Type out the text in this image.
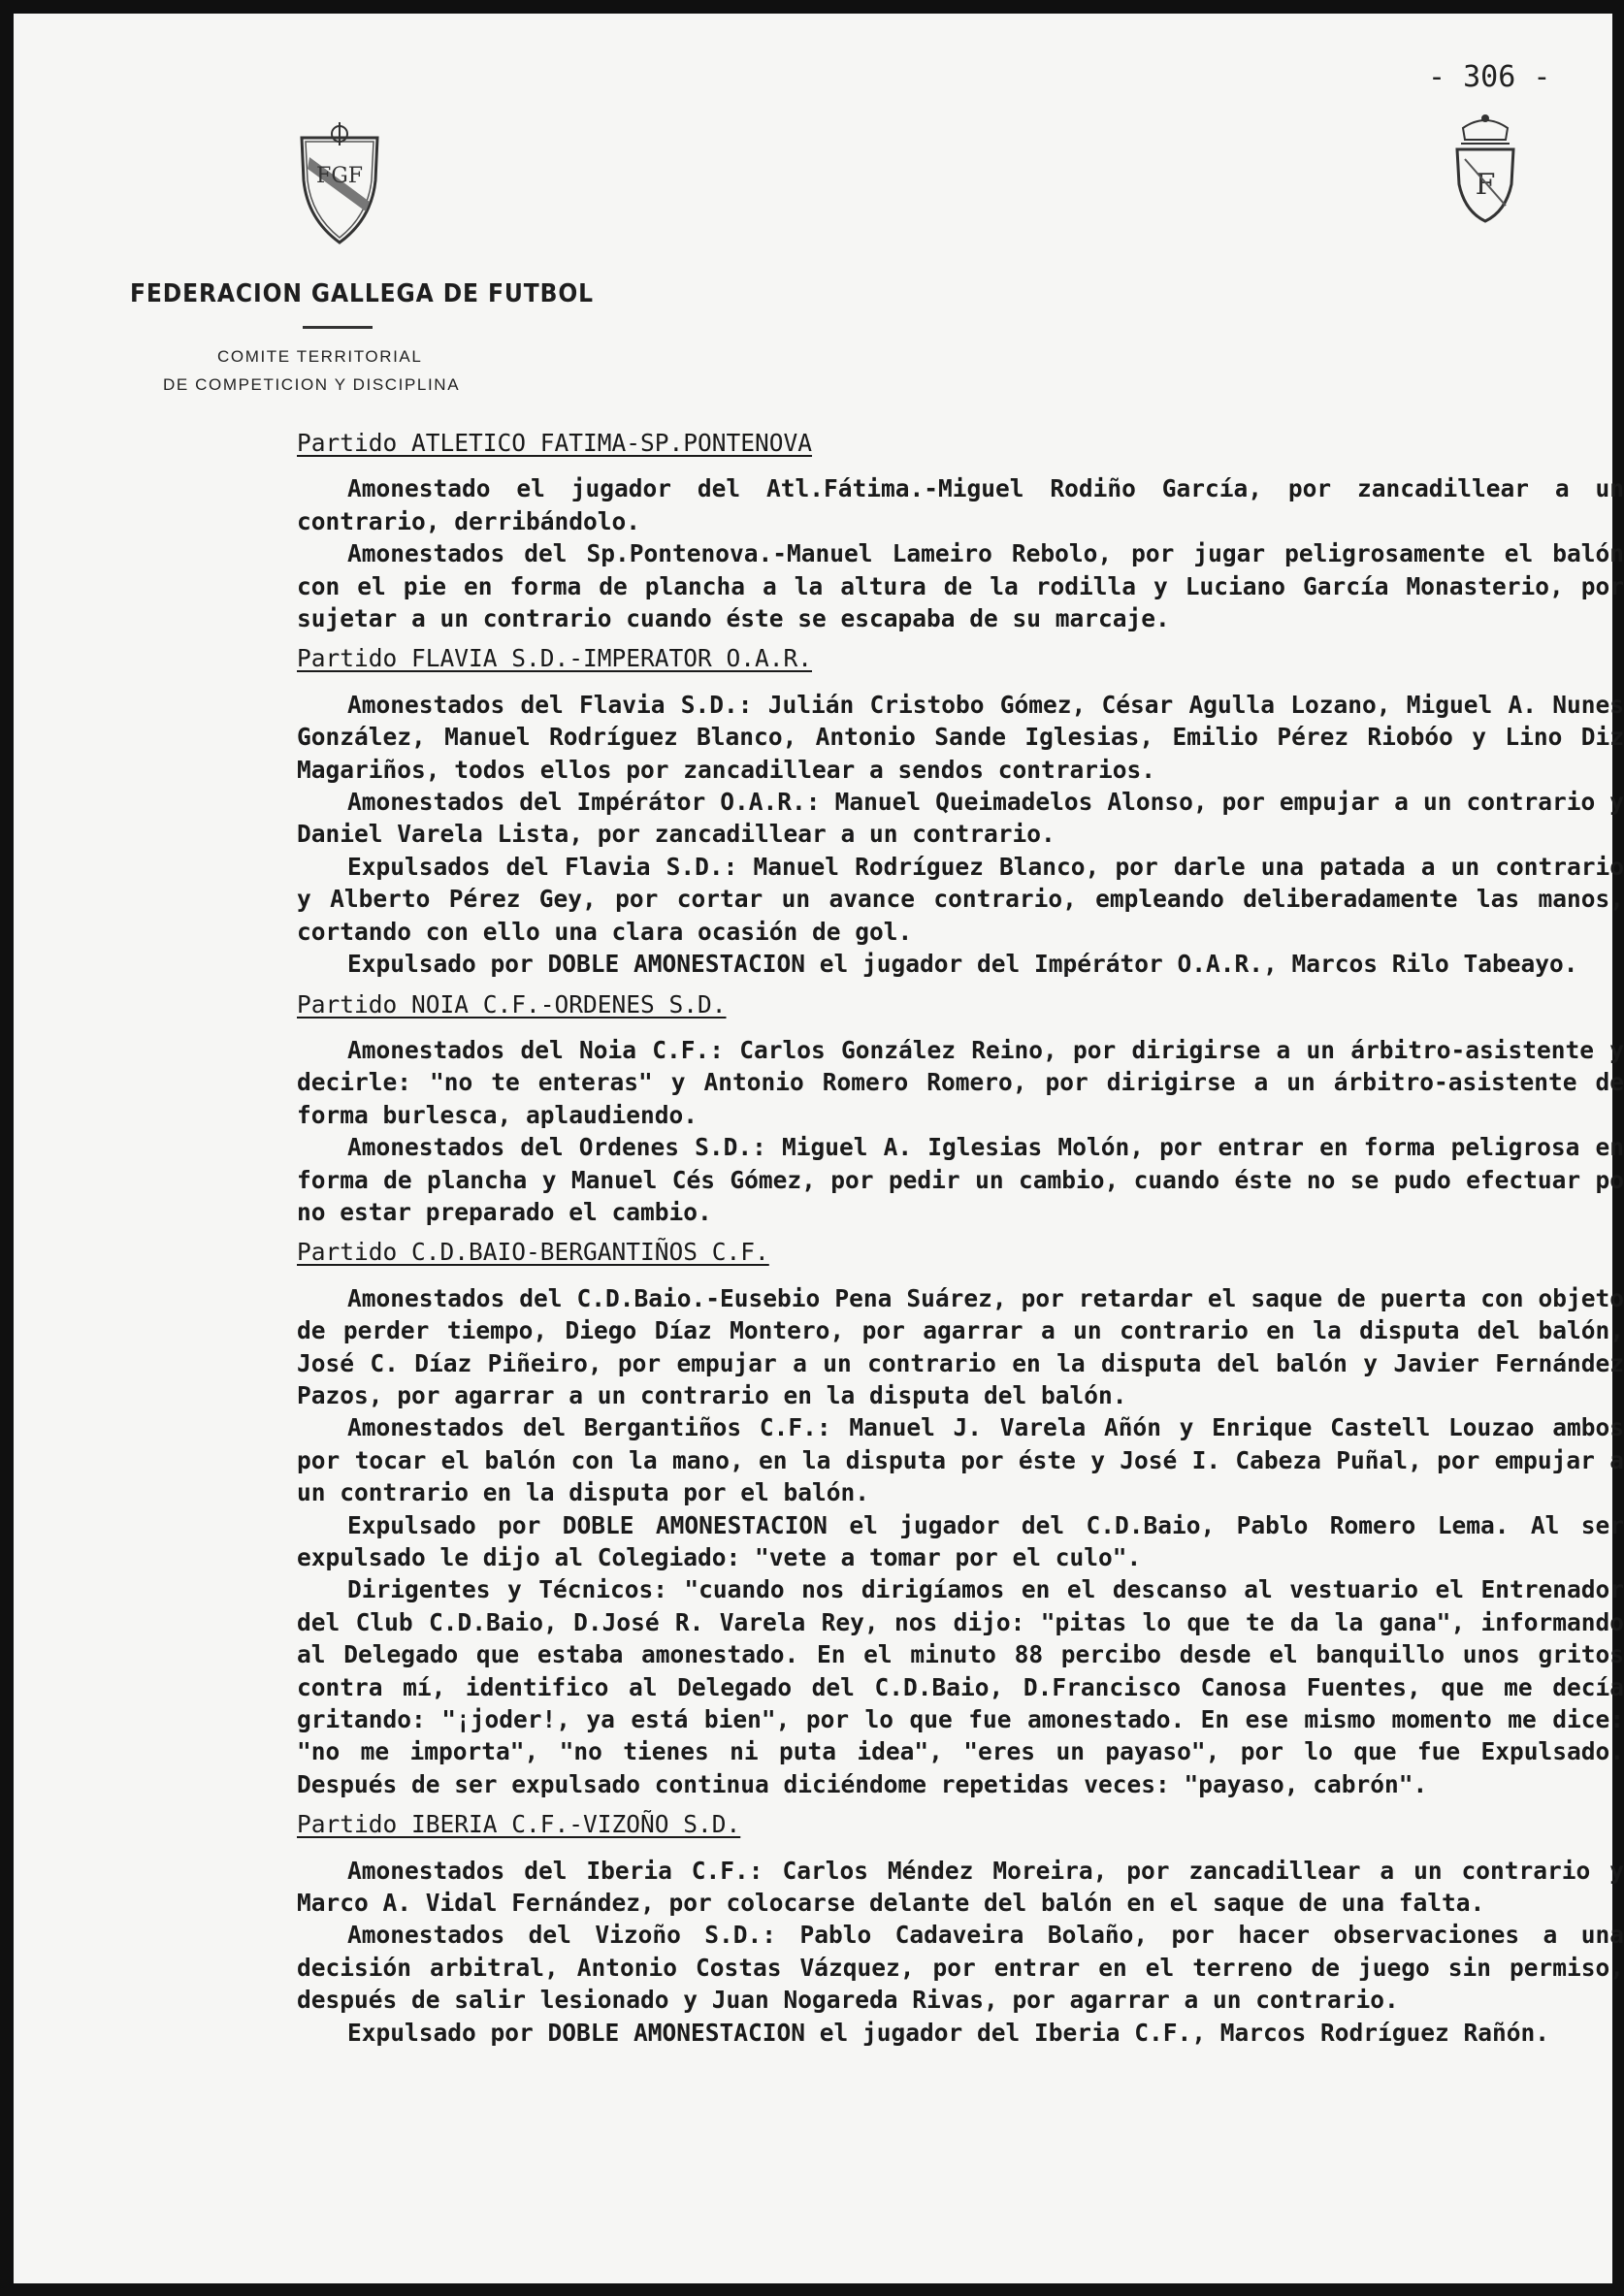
- 306 -
FGF	F
FEDERACION GALLEGA DE FUTBOL
COMITE TERRITORIAL
DE COMPETICION Y DISCIPLINA
Partido ATLETICO FATIMA-SP.PONTENOVA
Amonestado el jugador del Atl.Fátima.-Miguel Rodiño García, por zancadillear a un contrario, derribándolo.
Amonestados del Sp.Pontenova.-Manuel Lameiro Rebolo, por jugar peligrosamente el balón con el pie en forma de plancha a la altura de la rodilla y Luciano García Monasterio, por sujetar a un contrario cuando éste se escapaba de su marcaje.
Partido FLAVIA S.D.-IMPERATOR O.A.R.
Amonestados del Flavia S.D.: Julián Cristobo Gómez, César Agulla Lozano, Miguel A. Nunes González, Manuel Rodríguez Blanco, Antonio Sande Iglesias, Emilio Pérez Riobóo y Lino Diz Magariños, todos ellos por zancadillear a sendos contrarios.
Amonestados del Impérátor O.A.R.: Manuel Queimadelos Alonso, por empujar a un contrario y Daniel Varela Lista, por zancadillear a un contrario.
Expulsados del Flavia S.D.: Manuel Rodríguez Blanco, por darle una patada a un contrario y Alberto Pérez Gey, por cortar un avance contrario, empleando deliberadamente las manos, cortando con ello una clara ocasión de gol.
Expulsado por DOBLE AMONESTACION el jugador del Impérátor O.A.R., Marcos Rilo Tabeayo.
Partido NOIA C.F.-ORDENES S.D.
Amonestados del Noia C.F.: Carlos González Reino, por dirigirse a un árbitro-asistente y decirle: "no te enteras" y Antonio Romero Romero, por dirigirse a un árbitro-asistente de forma burlesca, aplaudiendo.
Amonestados del Ordenes S.D.: Miguel A. Iglesias Molón, por entrar en forma peligrosa en forma de plancha y Manuel Cés Gómez, por pedir un cambio, cuando éste no se pudo efectuar po no estar preparado el cambio.
Partido C.D.BAIO-BERGANTIÑOS C.F.
Amonestados del C.D.Baio.-Eusebio Pena Suárez, por retardar el saque de puerta con objeto de perder tiempo, Diego Díaz Montero, por agarrar a un contrario en la disputa del balón, José C. Díaz Piñeiro, por empujar a un contrario en la disputa del balón y Javier Fernández Pazos, por agarrar a un contrario en la disputa del balón.
Amonestados del Bergantiños C.F.: Manuel J. Varela Añón y Enrique Castell Louzao ambos por tocar el balón con la mano, en la disputa por éste y José I. Cabeza Puñal, por empujar a un contrario en la disputa por el balón.
Expulsado por DOBLE AMONESTACION el jugador del C.D.Baio, Pablo Romero Lema. Al ser expulsado le dijo al Colegiado: "vete a tomar por el culo".
Dirigentes y Técnicos: "cuando nos dirigíamos en el descanso al vestuario el Entrenador del Club C.D.Baio, D.José R. Varela Rey, nos dijo: "pitas lo que te da la gana", informando al Delegado que estaba amonestado. En el minuto 88 percibo desde el banquillo unos gritos contra mí, identifico al Delegado del C.D.Baio, D.Francisco Canosa Fuentes, que me decía gritando: "¡joder!, ya está bien", por lo que fue amonestado. En ese mismo momento me dice: "no me importa", "no tienes ni puta idea", "eres un payaso", por lo que fue Expulsado. Después de ser expulsado continua diciéndome repetidas veces: "payaso, cabrón".
Partido IBERIA C.F.-VIZOÑO S.D.
Amonestados del Iberia C.F.: Carlos Méndez Moreira, por zancadillear a un contrario y Marco A. Vidal Fernández, por colocarse delante del balón en el saque de una falta.
Amonestados del Vizoño S.D.: Pablo Cadaveira Bolaño, por hacer observaciones a una decisión arbitral, Antonio Costas Vázquez, por entrar en el terreno de juego sin permiso, después de salir lesionado y Juan Nogareda Rivas, por agarrar a un contrario.
Expulsado por DOBLE AMONESTACION el jugador del Iberia C.F., Marcos Rodríguez Rañón.
